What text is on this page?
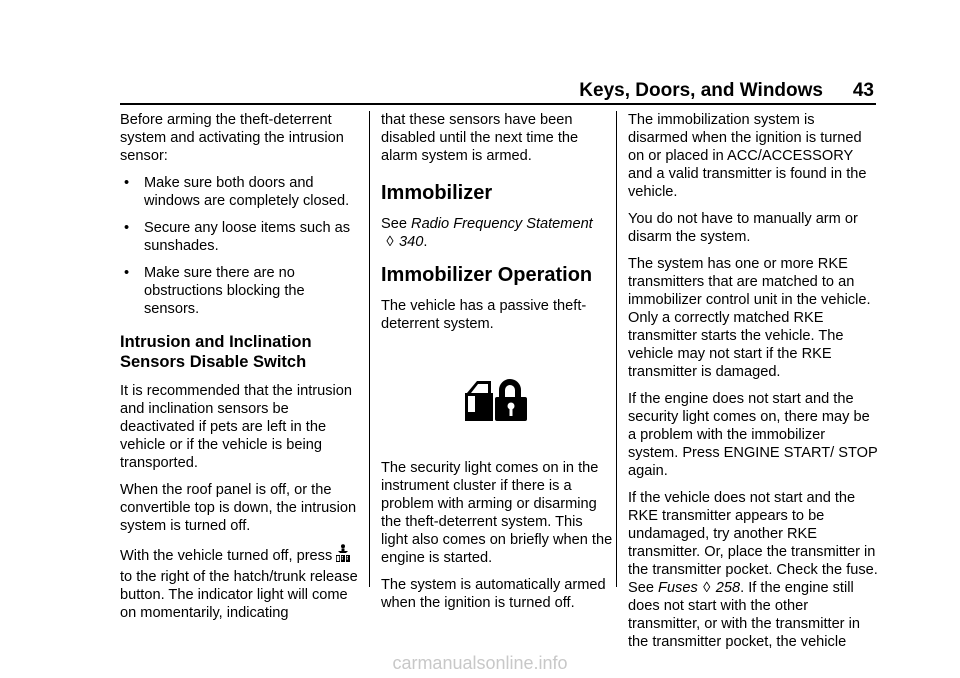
Keys, Doors, and Windows 43

Before arming the theft-deterrent system and activating the intrusion sensor:

• Make sure both doors and windows are completely closed.
• Secure any loose items such as sunshades.
• Make sure there are no obstructions blocking the sensors.
Intrusion and Inclination
Sensors Disable Switch

It is recommended that the intrusion and inclination sensors be deactivated if pets are left in the vehicle or if the vehicle is being transported.

When the roof panel is off, or the convertible top is down, the intrusion system is turned off.

With the vehicle turned off, press
to the right of the hatch/trunk release button. The indicator light will come on momentarily, indicating

that these sensors have been disabled until the next time the alarm system is armed.

Immobilizer

See Radio Frequency Statement
◊ 340.

Immobilizer Operation

The vehicle has a passive theft-deterrent system.

The security light comes on in the instrument cluster if there is a problem with arming or disarming the theft-deterrent system. This light also comes on briefly when the engine is started.

The system is automatically armed when the ignition is turned off.

The immobilization system is disarmed when the ignition is turned on or placed in ACC/ACCESSORY and a valid transmitter is found in the vehicle.

You do not have to manually arm or disarm the system.

The system has one or more RKE transmitters that are matched to an immobilizer control unit in the vehicle. Only a correctly matched RKE transmitter starts the vehicle. The vehicle may not start if the RKE transmitter is damaged.

If the engine does not start and the security light comes on, there may be a problem with the immobilizer system. Press ENGINE START/ STOP again.

If the vehicle does not start and the RKE transmitter appears to be undamaged, try another RKE transmitter. Or, place the transmitter in the transmitter pocket. Check the fuse. See Fuses ◊ 258. If the engine still does not start with the other transmitter, or with the transmitter in the transmitter pocket, the vehicle

carmanualsonline.info
